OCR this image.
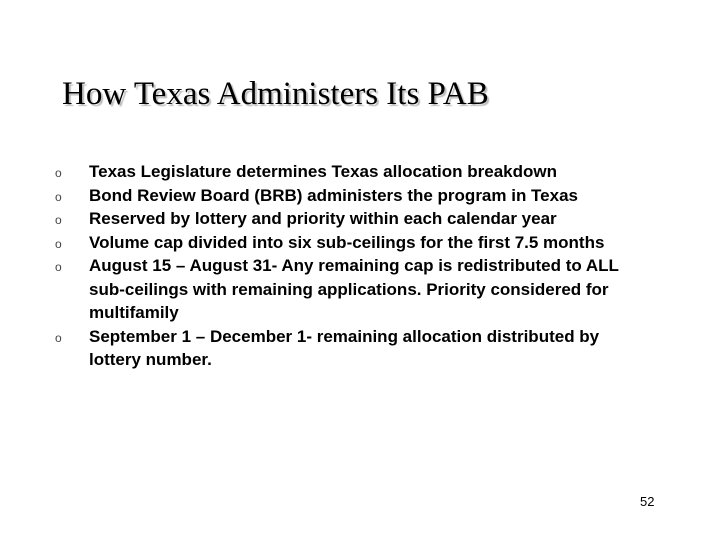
How Texas Administers Its PAB
o Texas Legislature determines Texas allocation breakdown
o Bond Review Board (BRB) administers the program in Texas
o Reserved by lottery and priority within each calendar year
o Volume cap divided into six sub-ceilings for the first 7.5 months
o August 15 – August 31- Any remaining cap is redistributed to ALL sub-ceilings with remaining applications. Priority considered for multifamily
o September 1 – December 1- remaining allocation distributed by lottery number.
52
